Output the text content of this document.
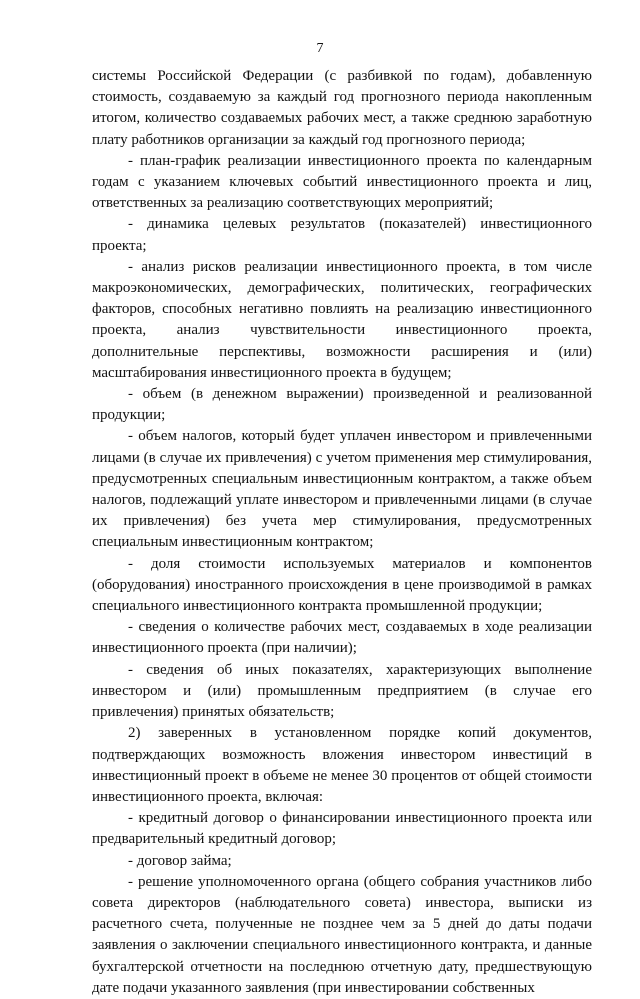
7

системы Российской Федерации (с разбивкой по годам), добавленную стоимость, создаваемую за каждый год прогнозного периода накопленным итогом, количество создаваемых рабочих мест, а также среднюю заработную плату работников организации за каждый год прогнозного периода;

- план-график реализации инвестиционного проекта по календарным годам с указанием ключевых событий инвестиционного проекта и лиц, ответственных за реализацию соответствующих мероприятий;

- динамика целевых результатов (показателей) инвестиционного проекта;

- анализ рисков реализации инвестиционного проекта, в том числе макроэкономических, демографических, политических, географических факторов, способных негативно повлиять на реализацию инвестиционного проекта, анализ чувствительности инвестиционного проекта, дополнительные перспективы, возможности расширения и (или) масштабирования инвестиционного проекта в будущем;

- объем (в денежном выражении) произведенной и реализованной продукции;

- объем налогов, который будет уплачен инвестором и привлеченными лицами (в случае их привлечения) с учетом применения мер стимулирования, предусмотренных специальным инвестиционным контрактом, а также объем налогов, подлежащий уплате инвестором и привлеченными лицами (в случае их привлечения) без учета мер стимулирования, предусмотренных специальным инвестиционным контрактом;

- доля стоимости используемых материалов и компонентов (оборудования) иностранного происхождения в цене производимой в рамках специального инвестиционного контракта промышленной продукции;

- сведения о количестве рабочих мест, создаваемых в ходе реализации инвестиционного проекта (при наличии);

- сведения об иных показателях, характеризующих выполнение инвестором и (или) промышленным предприятием (в случае его привлечения) принятых обязательств;

2) заверенных в установленном порядке копий документов, подтверждающих возможность вложения инвестором инвестиций в инвестиционный проект в объеме не менее 30 процентов от общей стоимости инвестиционного проекта, включая:

- кредитный договор о финансировании инвестиционного проекта или предварительный кредитный договор;

- договор займа;

- решение уполномоченного органа (общего собрания участников либо совета директоров (наблюдательного совета) инвестора, выписки из расчетного счета, полученные не позднее чем за 5 дней до даты подачи заявления о заключении специального инвестиционного контракта, и данные бухгалтерской отчетности на последнюю отчетную дату, предшествующую дате подачи указанного заявления (при инвестировании собственных
